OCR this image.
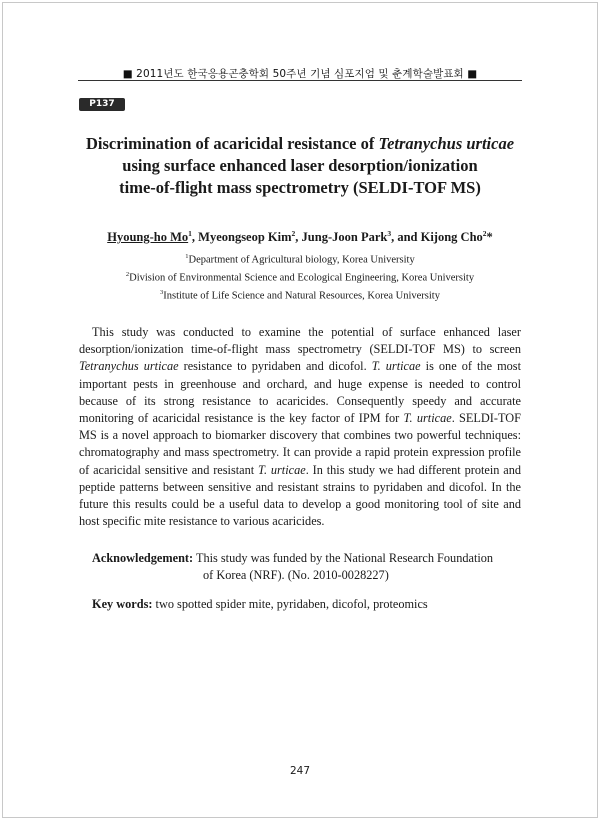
■ 2011년도 한국응용곤충학회 50주년 기념 심포지엄 및 춘계학술발표회 ■
P137
Discrimination of acaricidal resistance of Tetranychus urticae
using surface enhanced laser desorption/ionization
time-of-flight mass spectrometry (SELDI-TOF MS)
Hyoung-ho Mo$^1$, Myeongseop Kim$^2$, Jung-Joon Park$^3$, and Kijong Cho$^2$*
$^1$Department of Agricultural biology, Korea University
$^2$Division of Environmental Science and Ecological Engineering, Korea University
$^3$Institute of Life Science and Natural Resources, Korea University

This study was conducted to examine the potential of surface enhanced laser desorption/ionization time-of-flight mass spectrometry (SELDI-TOF MS) to screen Tetranychus urticae resistance to pyridaben and dicofol. T. urticae is one of the most important pests in greenhouse and orchard, and huge expense is needed to control because of its strong resistance to acaricides. Consequently speedy and accurate monitoring of acaricidal resistance is the key factor of IPM for T. urticae. SELDI-TOF MS is a novel approach to biomarker discovery that combines two powerful techniques: chromatography and mass spectrometry. It can provide a rapid protein expression profile of acaricidal sensitive and resistant T. urticae. In this study we had different protein and peptide patterns between sensitive and resistant strains to pyridaben and dicofol. In the future this results could be a useful data to develop a good monitoring tool of site and host specific mite resistance to various acaricides.

Acknowledgement: This study was funded by the National Research Foundation
of Korea (NRF). (No. 2010-0028227)
Key words: two spotted spider mite, pyridaben, dicofol, proteomics
247
